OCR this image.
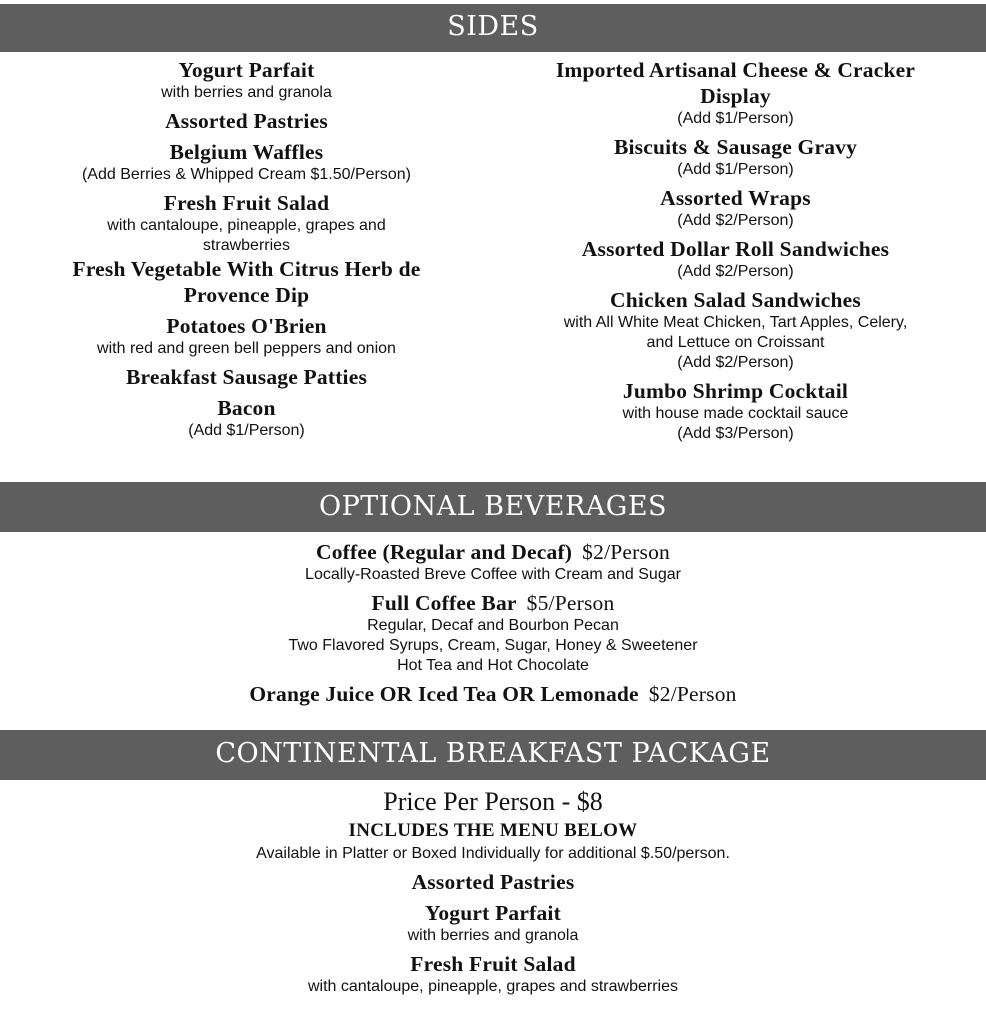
SIDES
Yogurt Parfait
with berries and granola
Assorted Pastries
Belgium Waffles
(Add Berries & Whipped Cream $1.50/Person)
Fresh Fruit Salad
with cantaloupe, pineapple, grapes and
strawberries
Fresh Vegetable With Citrus Herb de
Provence Dip
Potatoes O'Brien
with red and green bell peppers and onion
Breakfast Sausage Patties
Bacon
(Add $1/Person)
Imported Artisanal Cheese & Cracker
Display
(Add $1/Person)
Biscuits & Sausage Gravy
(Add $1/Person)
Assorted Wraps
(Add $2/Person)
Assorted Dollar Roll Sandwiches
(Add $2/Person)
Chicken Salad Sandwiches
with All White Meat Chicken, Tart Apples, Celery,
and Lettuce on Croissant
(Add $2/Person)
Jumbo Shrimp Cocktail
with house made cocktail sauce
(Add $3/Person)
OPTIONAL BEVERAGES
Coffee (Regular and Decaf) $2/Person
Locally-Roasted Breve Coffee with Cream and Sugar
Full Coffee Bar $5/Person
Regular, Decaf and Bourbon Pecan
Two Flavored Syrups, Cream, Sugar, Honey & Sweetener
Hot Tea and Hot Chocolate
Orange Juice OR Iced Tea OR Lemonade $2/Person
CONTINENTAL BREAKFAST PACKAGE
Price Per Person - $8
INCLUDES THE MENU BELOW
Available in Platter or Boxed Individually for additional $.50/person.
Assorted Pastries
Yogurt Parfait
with berries and granola
Fresh Fruit Salad
with cantaloupe, pineapple, grapes and strawberries
